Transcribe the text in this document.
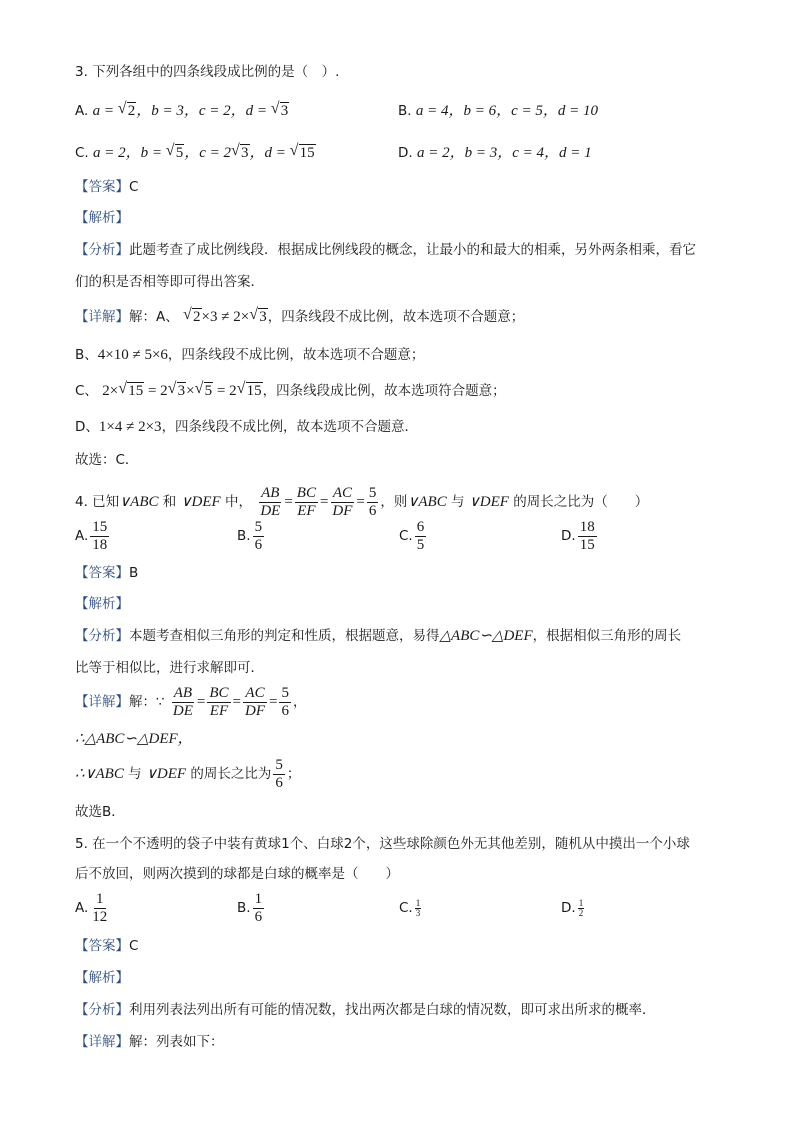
3. 下列各组中的四条线段成比例的是（　）.
A. a = √ 2，b = 3，c = 2，d = √ 3	B. a = 4，b = 6，c = 5，d = 10
C. a = 2，b = √ 5，c = 2 √ 3，d = √ 15	D. a = 2，b = 3，c = 4，d = 1
【答案】C
【解析】
【分析】此题考查了成比例线段．根据成比例线段的概念，让最小的和最大的相乘，另外两条相乘，看它
们的积是否相等即可得出答案．
【详解】解：A、 √ 2×3 ≠ 2× √ 3，四条线段不成比例，故本选项不合题意；
B、4×10 ≠ 5×6，四条线段不成比例，故本选项不合题意；
C、 2× √ 15 = 2 √ 3× √ 5 = 2 √ 15，四条线段成比例，故本选项符合题意；
D、1×4 ≠ 2×3，四条线段不成比例，故本选项不合题意．
故选：C．
4. 已知∨ABC 和 ∨DEF 中， $\frac{AB}{DE} = \frac{BC}{EF} = \frac{AC}{DF} = \frac{5}{6}$ ，则∨ABC 与 ∨DEF 的周长之比为（　　）
A. $\frac{15}{18}$	B. $\frac{5}{6}$	C. $\frac{6}{5}$	D. $\frac{18}{15}$
【答案】B
【解析】
【分析】本题考查相似三角形的判定和性质，根据题意，易得△ABC∽△DEF，根据相似三角形的周长
比等于相似比，进行求解即可．
【详解】解：∵ $\frac{AB}{DE} = \frac{BC}{EF} = \frac{AC}{DF} = \frac{5}{6}$ ，
∴△ABC∽△DEF，
∴∨ABC 与 ∨DEF 的周长之比为 $\frac{5}{6}$ ；
故选B．
5. 在一个不透明的袋子中装有黄球1个、白球2个，这些球除颜色外无其他差别，随机从中摸出一个小球
后不放回，则两次摸到的球都是白球的概率是（　　）
A. $\frac{1}{12}$	B. $\frac{1}{6}$	C. $\frac{1}{3}$	D. $\frac{1}{2}$
【答案】C
【解析】
【分析】利用列表法列出所有可能的情况数，找出两次都是白球的情况数，即可求出所求的概率．
【详解】解：列表如下：
